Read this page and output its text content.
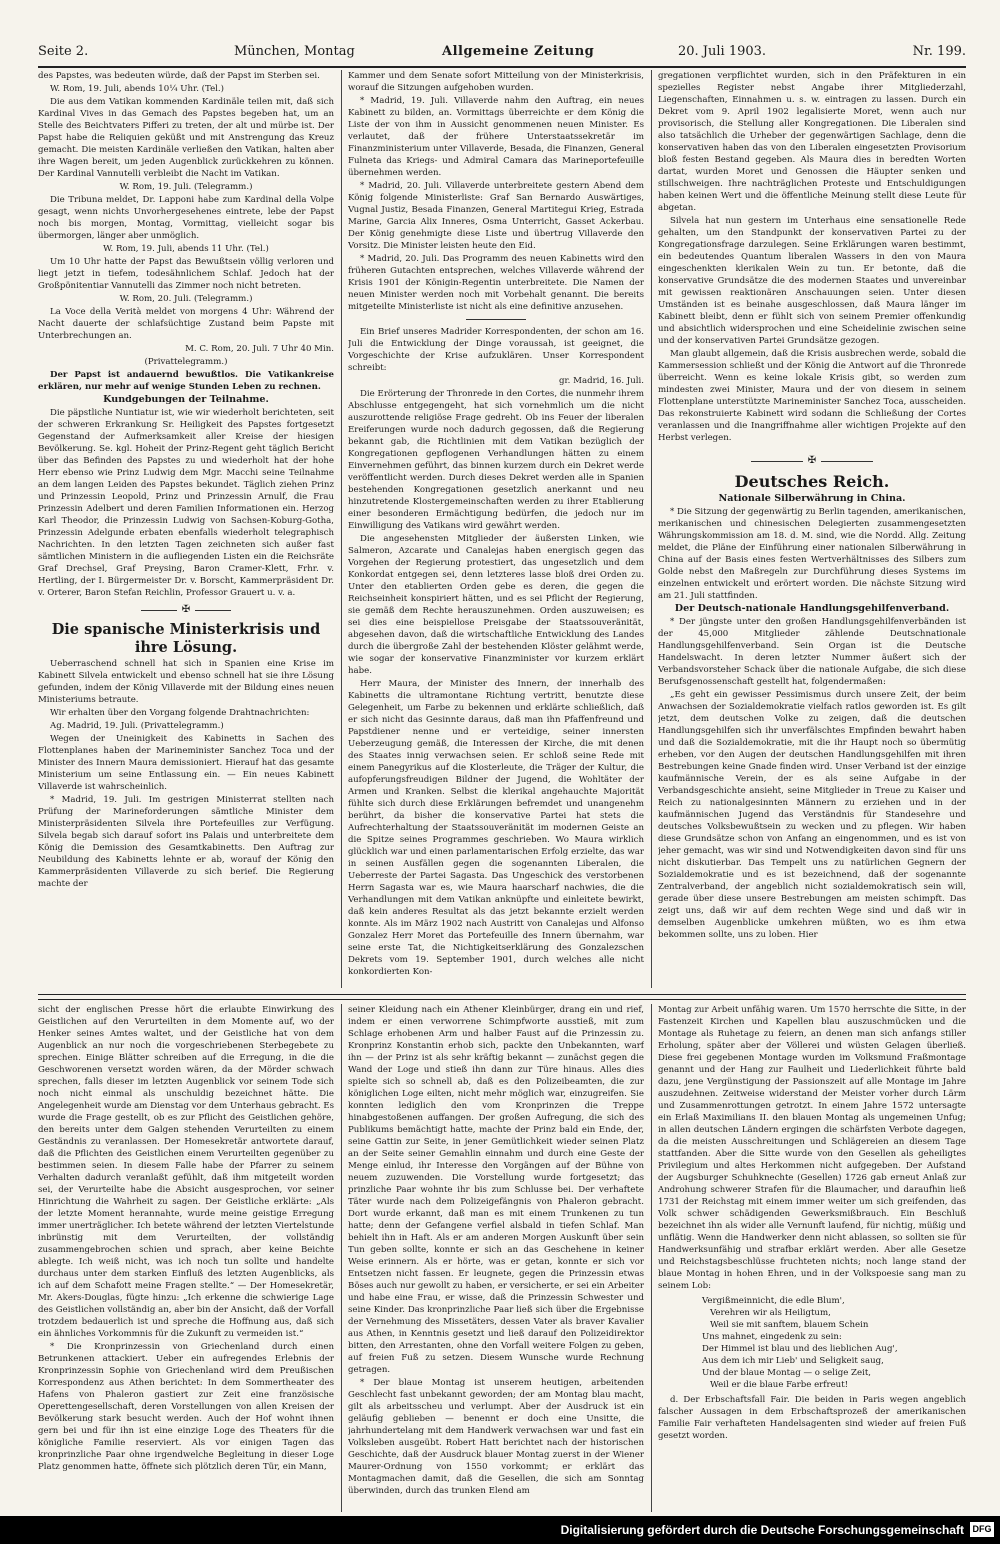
Seite 2.	München, Montag	Allgemeine Zeitung	20. Juli 1903.	Nr. 199.

des Papstes, was bedeuten würde, daß der Papst im Sterben sei.

W. Rom, 19. Juli, abends 10¼ Uhr. (Tel.)

Die aus dem Vatikan kommenden Kardinäle teilen mit, daß sich Kardinal Vives in das Gemach des Papstes begeben hat, um an Stelle des Beichtvaters Pifferi zu treten, der alt und mürbe ist. Der Papst habe die Reliquien geküßt und mit Anstrengung das Kreuz gemacht. Die meisten Kardinäle verließen den Vatikan, halten aber ihre Wagen bereit, um jeden Augenblick zurückkehren zu können. Der Kardinal Vannutelli verbleibt die Nacht im Vatikan.

W. Rom, 19. Juli. (Telegramm.)

Die Tribuna meldet, Dr. Lapponi habe zum Kardinal della Volpe gesagt, wenn nichts Unvorhergesehenes eintrete, lebe der Papst noch bis morgen, Montag, Vormittag, vielleicht sogar bis übermorgen, länger aber unmöglich.

W. Rom, 19. Juli, abends 11 Uhr. (Tel.)

Um 10 Uhr hatte der Papst das Bewußtsein völlig verloren und liegt jetzt in tiefem, todesähnlichem Schlaf. Jedoch hat der Großpönitentiar Vannutelli das Zimmer noch nicht betreten.

W. Rom, 20. Juli. (Telegramm.)

La Voce della Verità meldet von morgens 4 Uhr: Während der Nacht dauerte der schlafsüchtige Zustand beim Papste mit Unterbrechungen an.

M. C. Rom, 20. Juli. 7 Uhr 40 Min.

(Privattelegramm.)

Der Papst ist andauernd bewußtlos. Die Vatikankreise erklären, nur mehr auf wenige Stunden Leben zu rechnen.

Kundgebungen der Teilnahme.

Die päpstliche Nuntiatur ist, wie wir wiederholt berichteten, seit der schweren Erkrankung Sr. Heiligkeit des Papstes fortgesetzt Gegenstand der Aufmerksamkeit aller Kreise der hiesigen Bevölkerung. Se. kgl. Hoheit der Prinz-Regent geht täglich Bericht über das Befinden des Papstes zu und wiederholt hat der hohe Herr ebenso wie Prinz Ludwig dem Mgr. Macchi seine Teilnahme an dem langen Leiden des Papstes bekundet. Täglich ziehen Prinz und Prinzessin Leopold, Prinz und Prinzessin Arnulf, die Frau Prinzessin Adelbert und deren Familien Informationen ein. Herzog Karl Theodor, die Prinzessin Ludwig von Sachsen-Koburg-Gotha, Prinzessin Adelgunde erbaten ebenfalls wiederholt telegraphisch Nachrichten. In den letzten Tagen zeichneten sich außer fast sämtlichen Ministern in die aufliegenden Listen ein die Reichsräte Graf Drechsel, Graf Preysing, Baron Cramer-Klett, Frhr. v. Hertling, der I. Bürgermeister Dr. v. Borscht, Kammerpräsident Dr. v. Orterer, Baron Stefan Reichlin, Professor Grauert u. v. a.

✠

Die spanische Ministerkrisis und ihre Lösung.

Ueberraschend schnell hat sich in Spanien eine Krise im Kabinett Silvela entwickelt und ebenso schnell hat sie ihre Lösung gefunden, indem der König Villaverde mit der Bildung eines neuen Ministeriums betraute.

Wir erhalten über den Vorgang folgende Drahtnachrichten:

Ag. Madrid, 19. Juli. (Privattelegramm.)

Wegen der Uneinigkeit des Kabinetts in Sachen des Flottenplanes haben der Marineminister Sanchez Toca und der Minister des Innern Maura demissioniert. Hierauf hat das gesamte Ministerium um seine Entlassung ein. — Ein neues Kabinett Villaverde ist wahrscheinlich.

* Madrid, 19. Juli. Im gestrigen Ministerrat stellten nach Prüfung der Marineforderungen sämtliche Minister dem Ministerpräsidenten Silvela ihre Portefeuilles zur Verfügung. Silvela begab sich darauf sofort ins Palais und unterbreitete dem König die Demission des Gesamtkabinetts. Den Auftrag zur Neubildung des Kabinetts lehnte er ab, worauf der König den Kammerpräsidenten Villaverde zu sich berief. Die Regierung machte der

Kammer und dem Senate sofort Mitteilung von der Ministerkrisis, worauf die Sitzungen aufgehoben wurden.

* Madrid, 19. Juli. Villaverde nahm den Auftrag, ein neues Kabinett zu bilden, an. Vormittags überreichte er dem König die Liste der von ihm in Aussicht genommenen neuen Minister. Es verlautet, daß der frühere Unterstaatssekretär im Finanzministerium unter Villaverde, Besada, die Finanzen, General Fulneta das Kriegs- und Admiral Camara das Marineportefeuille übernehmen werden.

* Madrid, 20. Juli. Villaverde unterbreitete gestern Abend dem König folgende Ministerliste: Graf San Bernardo Auswärtiges, Vugnal Justiz, Besada Finanzen, General Martitegui Krieg, Estrada Marine, Garcia Alix Inneres, Osma Unterricht, Gasset Ackerbau. Der König genehmigte diese Liste und übertrug Villaverde den Vorsitz. Die Minister leisten heute den Eid.

* Madrid, 20. Juli. Das Programm des neuen Kabinetts wird den früheren Gutachten entsprechen, welches Villaverde während der Krisis 1901 der Königin-Regentin unterbreitete. Die Namen der neuen Minister werden noch mit Vorbehalt genannt. Die bereits mitgeteilte Ministerliste ist nicht als eine definitive anzusehen.

Ein Brief unseres Madrider Korrespondenten, der schon am 16. Juli die Entwicklung der Dinge voraussah, ist geeignet, die Vorgeschichte der Krise aufzuklären. Unser Korrespondent schreibt:

gr. Madrid, 16. Juli.

Die Erörterung der Thronrede in den Cortes, die nunmehr ihrem Abschlusse entgegengeht, hat sich vornehmlich um die nicht auszurottende religiöse Frage gedreht. Ob ins Feuer der liberalen Ereiferungen wurde noch dadurch gegossen, daß die Regierung bekannt gab, die Richtlinien mit dem Vatikan bezüglich der Kongregationen gepflogenen Verhandlungen hätten zu einem Einvernehmen geführt, das binnen kurzem durch ein Dekret werde veröffentlicht werden. Durch dieses Dekret werden alle in Spanien bestehenden Kongregationen gesetzlich anerkannt und neu hinzutretende Klostergemeinschaften werden zu ihrer Etablierung einer besonderen Ermächtigung bedürfen, die jedoch nur im Einwilligung des Vatikans wird gewährt werden.

Die angesehensten Mitglieder der äußersten Linken, wie Salmeron, Azcarate und Canalejas haben energisch gegen das Vorgehen der Regierung protestiert, das ungesetzlich und dem Konkordat entgegen sei, denn letzteres lasse bloß drei Orden zu. Unter den etablierten Orden gebe es deren, die gegen die Reichseinheit konspiriert hätten, und es sei Pflicht der Regierung, sie gemäß dem Rechte herauszunehmen. Orden auszuweisen; es sei dies eine beispiellose Preisgabe der Staatssouveränität, abgesehen davon, daß die wirtschaftliche Entwicklung des Landes durch die übergroße Zahl der bestehenden Klöster gelähmt werde, wie sogar der konservative Finanzminister vor kurzem erklärt habe.

Herr Maura, der Minister des Innern, der innerhalb des Kabinetts die ultramontane Richtung vertritt, benutzte diese Gelegenheit, um Farbe zu bekennen und erklärte schließlich, daß er sich nicht das Gesinnte daraus, daß man ihn Pfaffenfreund und Papstdiener nenne und er verteidige, seiner innersten Ueberzeugung gemäß, die Interessen der Kirche, die mit denen des Staates innig verwachsen seien. Er schloß seine Rede mit einem Panegyrikus auf die Klosterleute, die Träger der Kultur, die aufopferungsfreudigen Bildner der Jugend, die Wohltäter der Armen und Kranken. Selbst die klerikal angehauchte Majorität fühlte sich durch diese Erklärungen befremdet und unangenehm berührt, da bisher die konservative Partei hat stets die Aufrechterhaltung der Staatssouveränität im modernen Geiste an die Spitze seines Programmes geschrieben. Wo Maura wirklich glücklich war und einen parlamentarischen Erfolg erzielte, das war in seinen Ausfällen gegen die sogenannten Liberalen, die Ueberreste der Partei Sagasta. Das Ungeschick des verstorbenen Herrn Sagasta war es, wie Maura haarscharf nachwies, die die Verhandlungen mit dem Vatikan anknüpfte und einleitete bewirkt, daß kein anderes Resultat als das jetzt bekannte erzielt werden konnte. Als im März 1902 nach Austritt von Canalejas und Alfonso Gonzalez Herr Moret das Portefeuille des Innern übernahm, war seine erste Tat, die Nichtigkeitserklärung des Gonzalezschen Dekrets vom 19. September 1901, durch welches alle nicht konkordierten Kon-

gregationen verpflichtet wurden, sich in den Präfekturen in ein spezielles Register nebst Angabe ihrer Mitgliederzahl, Liegenschaften, Einnahmen u. s. w. eintragen zu lassen. Durch ein Dekret vom 9. April 1902 legalisierte Moret, wenn auch nur provisorisch, die Stellung aller Kongregationen. Die Liberalen sind also tatsächlich die Urheber der gegenwärtigen Sachlage, denn die konservativen haben das von den Liberalen eingesetzten Provisorium bloß festen Bestand gegeben. Als Maura dies in beredten Worten dartat, wurden Moret und Genossen die Häupter senken und stillschweigen. Ihre nachträglichen Proteste und Entschuldigungen haben keinen Wert und die öffentliche Meinung stellt diese Leute für abgetan.

Silvela hat nun gestern im Unterhaus eine sensationelle Rede gehalten, um den Standpunkt der konservativen Partei zu der Kongregationsfrage darzulegen. Seine Erklärungen waren bestimmt, ein bedeutendes Quantum liberalen Wassers in den von Maura eingeschenkten klerikalen Wein zu tun. Er betonte, daß die konservative Grundsätze die des modernen Staates und unvereinbar mit gewissen reaktionären Anschauungen seien. Unter diesen Umständen ist es beinahe ausgeschlossen, daß Maura länger im Kabinett bleibt, denn er fühlt sich von seinem Premier offenkundig und absichtlich widersprochen und eine Scheidelinie zwischen seine und der konservativen Partei Grundsätze gezogen.

Man glaubt allgemein, daß die Krisis ausbrechen werde, sobald die Kammersession schließt und der König die Antwort auf die Thronrede überreicht. Wenn es keine lokale Krisis gibt, so werden zum mindesten zwei Minister, Maura und der von diesem in seinem Flottenplane unterstützte Marineminister Sanchez Toca, ausscheiden. Das rekonstruierte Kabinett wird sodann die Schließung der Cortes veranlassen und die Inangriffnahme aller wichtigen Projekte auf den Herbst verlegen.

✠

Deutsches Reich.

Nationale Silberwährung in China.

* Die Sitzung der gegenwärtig zu Berlin tagenden, amerikanischen, merikanischen und chinesischen Delegierten zusammengesetzten Währungskommission am 18. d. M. sind, wie die Nordd. Allg. Zeitung meldet, die Pläne der Einführung einer nationalen Silberwährung in China auf der Basis eines festen Wertverhältnisses des Silbers zum Golde nebst den Maßregeln zur Durchführung dieses Systems im einzelnen entwickelt und erörtert worden. Die nächste Sitzung wird am 21. Juli stattfinden.

Der Deutsch-nationale Handlungsgehilfenverband.

* Der jüngste unter den großen Handlungsgehilfenverbänden ist der 45,000 Mitglieder zählende Deutschnationale Handlungsgehilfenverband. Sein Organ ist die Deutsche Handelswacht. In deren letzter Nummer äußert sich der Verbandsvorsteher Schack über die nationale Aufgabe, die sich diese Berufsgenossenschaft gestellt hat, folgendermaßen:

„Es geht ein gewisser Pessimismus durch unsere Zeit, der beim Anwachsen der Sozialdemokratie vielfach ratlos geworden ist. Es gilt jetzt, dem deutschen Volke zu zeigen, daß die deutschen Handlungsgehilfen sich ihr unverfälschtes Empfinden bewahrt haben und daß die Sozialdemokratie, mit die ihr Haupt noch so übermütig erheben, vor den Augen der deutschen Handlungsgehilfen mit ihren Bestrebungen keine Gnade finden wird. Unser Verband ist der einzige kaufmännische Verein, der es als seine Aufgabe in der Verbandsgeschichte ansieht, seine Mitglieder in Treue zu Kaiser und Reich zu nationalgesinnten Männern zu erziehen und in der kaufmännischen Jugend das Verständnis für Standesehre und deutsches Volksbewußtsein zu wecken und zu pflegen. Wir haben diese Grundsätze schon von Anfang an eingenommen, und es ist von jeher gemacht, was wir sind und Notwendigkeiten davon sind für uns nicht diskutierbar. Das Tempelt uns zu natürlichen Gegnern der Sozialdemokratie und es ist bezeichnend, daß der sogenannte Zentralverband, der angeblich nicht sozialdemokratisch sein will, gerade über diese unsere Bestrebungen am meisten schimpft. Das zeigt uns, daß wir auf dem rechten Wege sind und daß wir in demselben Augenblicke umkehren müßten, wo es ihm etwa bekommen sollte, uns zu loben. Hier

sicht der englischen Presse hört die erlaubte Einwirkung des Geistlichen auf den Verurteilten in dem Momente auf, wo der Henker seines Amtes waltet, und der Geistliche hat von dem Augenblick an nur noch die vorgeschriebenen Sterbegebete zu sprechen. Einige Blätter schreiben auf die Erregung, in die die Geschworenen versetzt worden wären, da der Mörder schwach sprechen, falls dieser im letzten Augenblick vor seinem Tode sich noch nicht einmal als unschuldig bezeichnet hätte. Die Angelegenheit wurde am Dienstag vor dem Unterhaus gebracht. Es wurde die Frage gestellt, ob es zur Pflicht des Geistlichen gehöre, den bereits unter dem Galgen stehenden Verurteilten zu einem Geständnis zu veranlassen. Der Homesekretär antwortete darauf, daß die Pflichten des Geistlichen einem Verurteilten gegenüber zu bestimmen seien. In diesem Falle habe der Pfarrer zu seinem Verhalten dadurch veranlaßt gefühlt, daß ihm mitgeteilt worden sei, der Verurteilte habe die Absicht ausgesprochen, vor seiner Hinrichtung die Wahrheit zu sagen. Der Geistliche erklärte: „Als der letzte Moment herannahte, wurde meine geistige Erregung immer unerträglicher. Ich betete während der letzten Viertelstunde inbrünstig mit dem Verurteilten, der vollständig zusammengebrochen schien und sprach, aber keine Beichte ablegte. Ich weiß nicht, was ich noch tun sollte und handelte durchaus unter dem starken Einfluß des letzten Augenblicks, als ich auf dem Schafott meine Fragen stellte.“ — Der Homesekretär, Mr. Akers-Douglas, fügte hinzu: „Ich erkenne die schwierige Lage des Geistlichen vollständig an, aber bin der Ansicht, daß der Vorfall trotzdem bedauerlich ist und spreche die Hoffnung aus, daß sich ein ähnliches Vorkommnis für die Zukunft zu vermeiden ist.“

* Die Kronprinzessin von Griechenland durch einen Betrunkenen attackiert. Ueber ein aufregendes Erlebnis der Kronprinzessin Sophie von Griechenland wird dem Preußischen Korrespondenz aus Athen berichtet: In dem Sommertheater des Hafens von Phaleron gastiert zur Zeit eine französische Operettengesellschaft, deren Vorstellungen von allen Kreisen der Bevölkerung stark besucht werden. Auch der Hof wohnt ihnen gern bei und für ihn ist eine einzige Loge des Theaters für die königliche Familie reserviert. Als vor einigen Tagen das kronprinzliche Paar ohne irgendwelche Begleitung in dieser Loge Platz genommen hatte, öffnete sich plötzlich deren Tür, ein Mann,

seiner Kleidung nach ein Athener Kleinbürger, drang ein und rief, indem er einen verworrene Schimpfworte ausstieß, mit zum Schlage erhobenen Arm und halber Faust auf die Prinzessin zu. Kronprinz Konstantin erhob sich, packte den Unbekannten, warf ihn — der Prinz ist als sehr kräftig bekannt — zunächst gegen die Wand der Loge und stieß ihn dann zur Türe hinaus. Alles dies spielte sich so schnell ab, daß es den Polizeibeamten, die zur königlichen Loge eilten, nicht mehr möglich war, einzugreifen. Sie konnten lediglich den vom Kronprinzen die Treppe hinabgestoßenen auffangen. Der großen Aufregung, die sich des Publikums bemächtigt hatte, machte der Prinz bald ein Ende, der, seine Gattin zur Seite, in jener Gemütlichkeit wieder seinen Platz an der Seite seiner Gemahlin einnahm und durch eine Geste der Menge einlud, ihr Interesse den Vorgängen auf der Bühne von neuem zuzuwenden. Die Vorstellung wurde fortgesetzt; das prinzliche Paar wohnte ihr bis zum Schlusse bei. Der verhaftete Täter wurde nach dem Polizeigefängnis von Phaleron gebracht. Dort wurde erkannt, daß man es mit einem Trunkenen zu tun hatte; denn der Gefangene verfiel alsbald in tiefen Schlaf. Man behielt ihn in Haft. Als er am anderen Morgen Auskunft über sein Tun geben sollte, konnte er sich an das Geschehene in keiner Weise erinnern. Als er hörte, was er getan, konnte er sich vor Entsetzen nicht fassen. Er leugnete, gegen die Prinzessin etwas Böses auch nur gewollt zu haben, er versicherte, er sei ein Arbeiter und habe eine Frau, er wisse, daß die Prinzessin Schwester und seine Kinder. Das kronprinzliche Paar ließ sich über die Ergebnisse der Vernehmung des Missetäters, dessen Vater als braver Kavalier aus Athen, in Kenntnis gesetzt und ließ darauf den Polizeidirektor bitten, den Arrestanten, ohne den Vorfall weitere Folgen zu geben, auf freien Fuß zu setzen. Diesem Wunsche wurde Rechnung getragen.

* Der blaue Montag ist unserem heutigen, arbeitenden Geschlecht fast unbekannt geworden; der am Montag blau macht, gilt als arbeitsscheu und verlumpt. Aber der Ausdruck ist ein geläufig geblieben — benennt er doch eine Unsitte, die jahrhundertelang mit dem Handwerk verwachsen war und fast ein Volksleben ausgeübt. Robert Hatt berichtet nach der historischen Geschichte, daß der Ausdruck blauer Montag zuerst in der Wiener Maurer-Ordnung von 1550 vorkommt; er erklärt das Montagmachen damit, daß die Gesellen, die sich am Sonntag überwinden, durch das trunken Elend am

Montag zur Arbeit unfähig waren. Um 1570 herrschte die Sitte, in der Fastenzeit Kirchen und Kapellen blau auszuschmücken und die Montage als Ruhetage zu feiern, an denen man sich anfangs stiller Erholung, später aber der Völlerei und wüsten Gelagen überließ. Diese frei gegebenen Montage wurden im Volksmund Fraßmontage genannt und der Hang zur Faulheit und Liederlichkeit führte bald dazu, jene Vergünstigung der Passionszeit auf alle Montage im Jahre auszudehnen. Zeitweise widerstand der Meister vorher durch Lärm und Zusammenrottungen getrotzt. In einem Jahre 1572 untersagte ein Erlaß Maximilians II. den blauen Montag als ungemeinen Unfug; in allen deutschen Ländern ergingen die schärfsten Verbote dagegen, da die meisten Ausschreitungen und Schlägereien an diesem Tage stattfanden. Aber die Sitte wurde von den Gesellen als geheiligtes Privilegium und altes Herkommen nicht aufgegeben. Der Aufstand der Augsburger Schuhknechte (Gesellen) 1726 gab erneut Anlaß zur Androhung schwerer Strafen für die Blaumacher, und daraufhin ließ 1731 der Reichstag mit einem immer weiter um sich greifenden, das Volk schwer schädigenden Gewerksmißbrauch. Ein Beschluß bezeichnet ihn als wider alle Vernunft laufend, für nichtig, müßig und unflätig. Wenn die Handwerker denn nicht ablassen, so sollten sie für Handwerksunfähig und strafbar erklärt werden. Aber alle Gesetze und Reichstagsbeschlüsse fruchteten nichts; noch lange stand der blaue Montag in hohen Ehren, und in der Volkspoesie sang man zu seinem Lob:

Vergißmeinnicht, die edle Blum',
Verehren wir als Heiligtum,
Weil sie mit sanftem, blauem Schein
Uns mahnet, eingedenk zu sein:
Der Himmel ist blau und des lieblichen Aug',
Aus dem ich mir Lieb' und Seligkeit saug,
Und der blaue Montag — o selige Zeit,
Weil er die blaue Farbe erfreut!

d. Der Erbschaftsfall Fair. Die beiden in Paris wegen angeblich falscher Aussagen in dem Erbschaftsprozeß der amerikanischen Familie Fair verhafteten Handelsagenten sind wieder auf freien Fuß gesetzt worden.

Digitalisierung gefördert durch die Deutsche Forschungsgemeinschaft DFG
